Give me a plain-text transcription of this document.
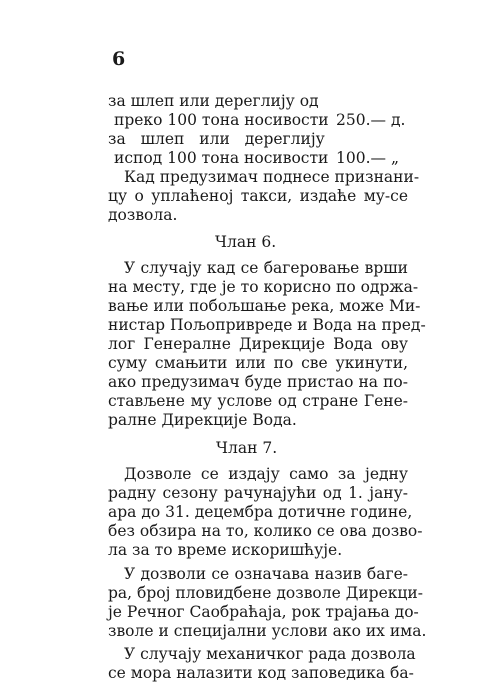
6
за шлеп или дереглију од
преко 100 тона носивости 250.— д.
за шлеп или дереглију
испод 100 тона носивости 100.— „
Кад предузимач поднесе признани-
цу о уплаћеној такси, издаће му-се
дозвола.
Члан 6.
У случају кад се багеровање врши
на месту, где је то корисно по одржа-
вање или побољшање река, може Ми-
нистар Пољопривреде и Вода на пред-
лог Генералне Дирекције Вода ову
суму смањити или по све укинути,
ако предузимач буде пристао на по-
стављене му услове од стране Гене-
ралне Дирекције Вода.
Члан 7.
Дозволе се издају само за једну
радну сезону рачунајући од 1. јану-
ара до 31. децембра дотичне године,
без обзира на то, колико се ова дозво-
ла за то време искоришћује.
У дозволи се означава назив баге-
ра, број пловидбене дозволе Дирекци-
је Речног Саобраћаја, рок трајања до-
зволе и специјални услови ако их има.
У случају механичког рада дозвола
се мора налазити код заповедика ба-
